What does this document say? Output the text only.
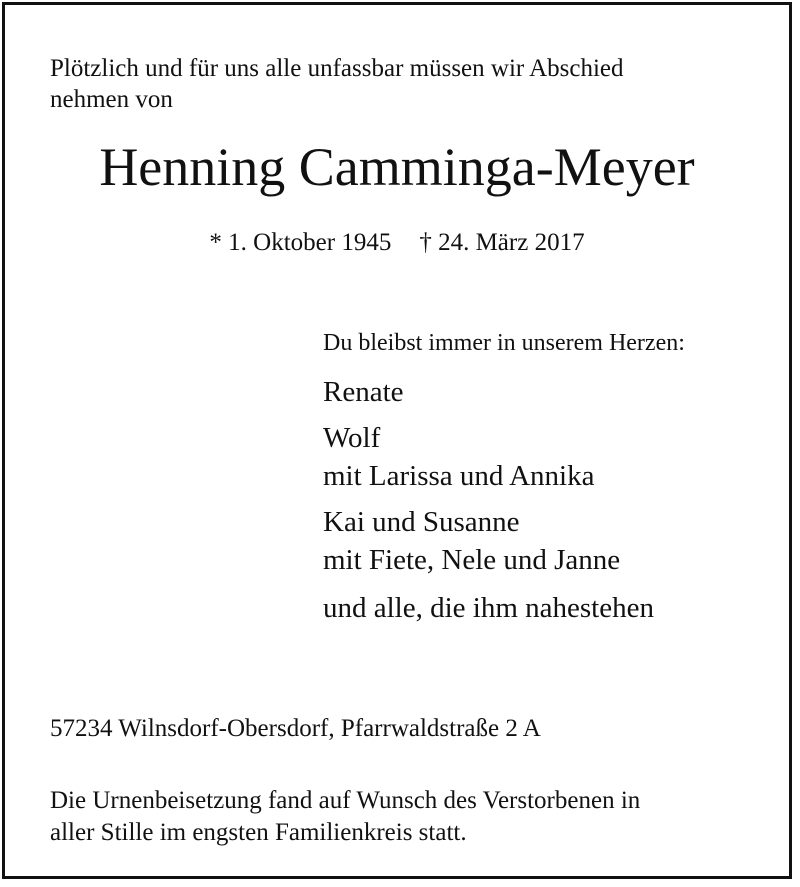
Plötzlich und für uns alle unfassbar müssen wir Abschied
nehmen von
Henning Camminga-Meyer
* 1. Oktober 1945 † 24. März 2017
Du bleibst immer in unserem Herzen:
Renate
Wolf
mit Larissa und Annika
Kai und Susanne
mit Fiete, Nele und Janne
und alle, die ihm nahestehen
57234 Wilnsdorf-Obersdorf, Pfarrwaldstraße 2 A
Die Urnenbeisetzung fand auf Wunsch des Verstorbenen in
aller Stille im engsten Familienkreis statt.
